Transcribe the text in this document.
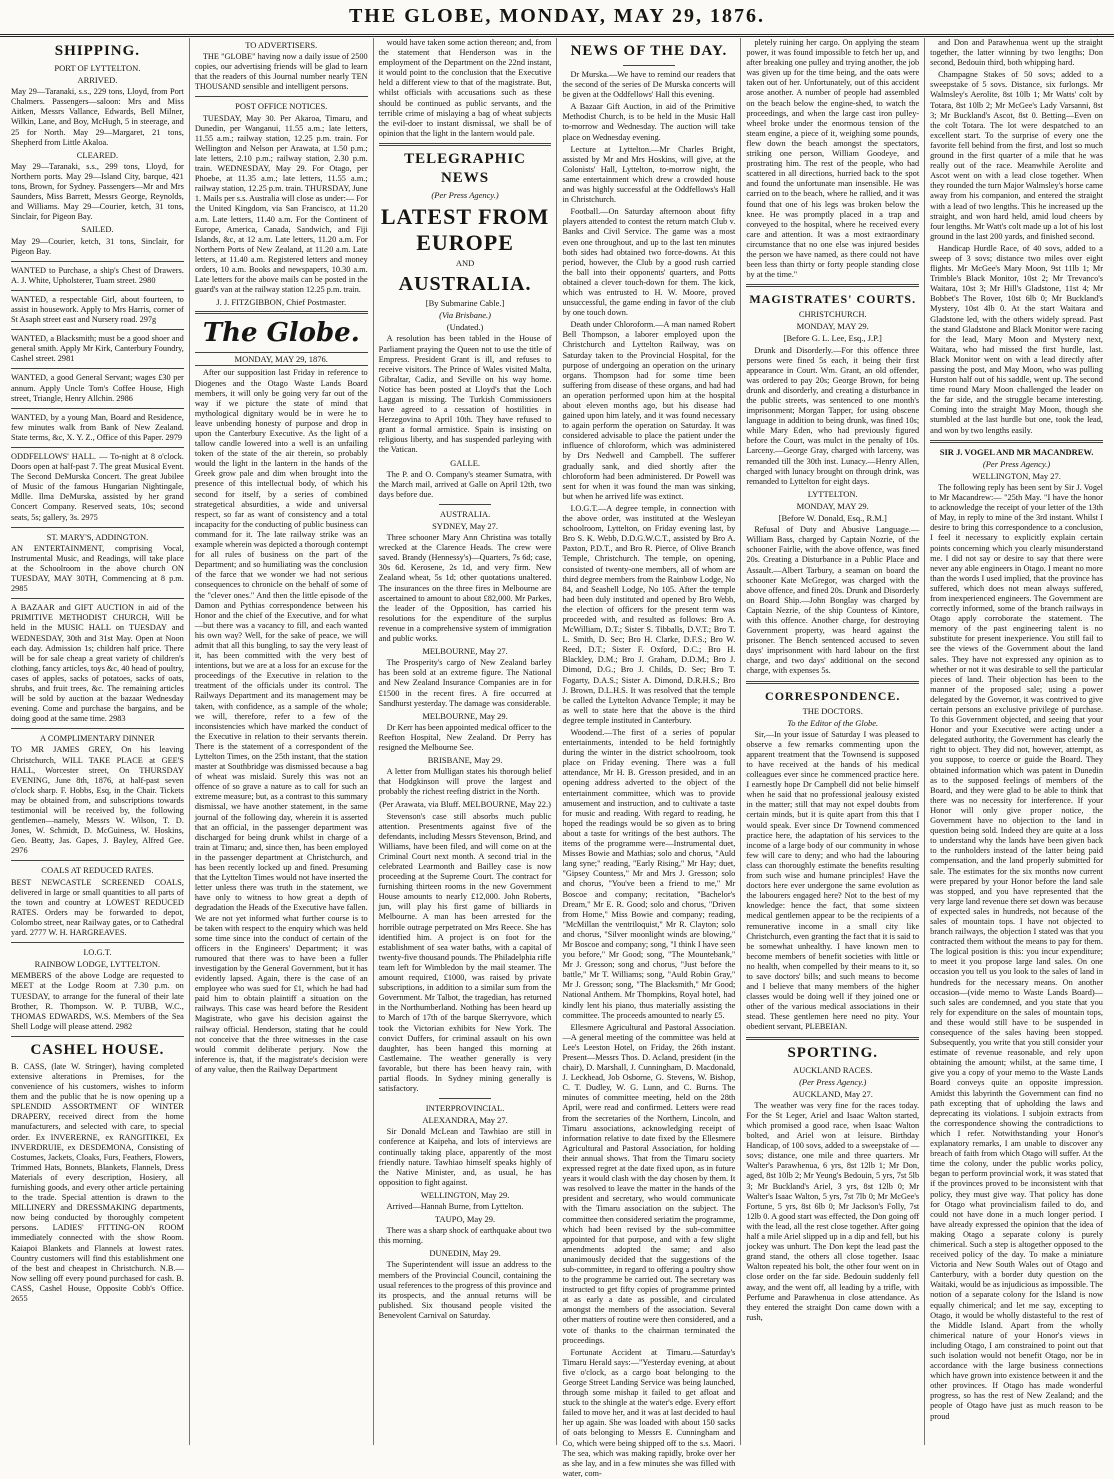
THE GLOBE, MONDAY, MAY 29, 1876.
SHIPPING.
PORT OF LYTTELTON.
ARRIVED.

May 29—Taranaki, s.s., 229 tons, Lloyd, from Port Chalmers. Passengers—saloon: Mrs and Miss Aitken, Messrs Vallance, Edwards, Bell Milner, Wilkin, Lane, and Boy, McHugh, 5 in steerage, and 25 for North. May 29—Margaret, 21 tons, Shepherd from Little Akaloa.

CLEARED.

May 29—Taranaki, s.s., 299 tons, Lloyd, for Northern ports. May 29—Island City, barque, 421 tons, Brown, for Sydney. Passengers—Mr and Mrs Saunders, Miss Barrett, Messrs George, Reynolds, and Williams. May 29—Courier, ketch, 31 tons, Sinclair, for Pigeon Bay.

SAILED.

May 29—Courier, ketch, 31 tons, Sinclair, for Pigeon Bay.

WANTED to Purchase, a ship's Chest of Drawers. A. J. White, Upholsterer, Tuam street. 2980

WANTED, a respectable Girl, about fourteen, to assist in housework. Apply to Mrs Harris, corner of St Asaph street east and Nursery road. 297g

WANTED, a Blacksmith; must be a good shoer and general smith. Apply Mr Kirk, Canterbury Foundry, Cashel street. 2981

WANTED, a good General Servant; wages £30 per annum. Apply Uncle Tom's Coffee House, High street, Triangle, Henry Allchin. 2986

WANTED, by a young Man, Board and Residence, few minutes walk from Bank of New Zealand. State terms, &c, X. Y. Z., Office of this Paper. 2979

ODDFELLOWS' HALL. — To-night at 8 o'clock. Doors open at half-past 7. The great Musical Event. The Second DeMurska Concert. The great Jubilee of Music of the famous Hungarian Nightingale, Mdlle. Ilma DeMurska, assisted by her grand Concert Company. Reserved seats, 10s; second seats, 5s; gallery, 3s. 2975

ST. MARY'S, ADDINGTON.

AN ENTERTAINMENT, comprising Vocal, Instrumental Music, and Readings, will take place at the Schoolroom in the above church ON TUESDAY, MAY 30TH, Commencing at 8 p.m. 2985

A BAZAAR and GIFT AUCTION in aid of the PRIMITIVE METHODIST CHURCH, Will be held in the MUSIC HALL on TUESDAY and WEDNESDAY, 30th and 31st May. Open at Noon each day. Admission 1s; children half price. There will be for sale cheap a great variety of children's clothing, fancy articles, toys &c, 40 head of poultry, cases of apples, sacks of potatoes, sacks of oats, shrubs, and fruit trees, &c. The remaining articles will be sold by auction at the bazaar Wednesday evening. Come and purchase the bargains, and be doing good at the same time. 2983

A COMPLIMENTARY DINNER

TO MR JAMES GREY, On his leaving Christchurch, WILL TAKE PLACE at GEE'S HALL, Worcester street, On THURSDAY EVENING, June 8th, 1876, at half-past seven o'clock sharp. F. Hobbs, Esq, in the Chair. Tickets may be obtained from, and subscriptions towards testimonial will be received by, the following gentlemen—namely, Messrs W. Wilson, T. D. Jones, W. Schmidt, D. McGuiness, W. Hoskins, Geo. Beatty, Jas. Gapes, J. Bayley, Alfred Gee. 2976

COALS AT REDUCED RATES.

BEST NEWCASTLE SCREENED COALS, delivered in large or small quantities to all parts of the town and country at LOWEST REDUCED RATES. Orders may be forwarded to depot, Colombo street, near Railway gates, or to Cathedral yard. 2777 W. H. HARGREAVES.

I.O.G.T.
RAINBOW LODGE, LYTTELTON.

MEMBERS of the above Lodge are requested to MEET at the Lodge Room at 7.30 p.m. on TUESDAY, to arrange for the funeral of their late Brother, R. Thompson. W. P. TUBB, W.C., THOMAS EDWARDS, W.S. Members of the Sea Shell Lodge will please attend. 2982

CASHEL HOUSE.

B. CASS, (late W. Stringer), having completed extensive alterations in Premises, for the convenience of his customers, wishes to inform them and the public that he is now opening up a SPLENDID ASSORTMENT OF WINTER DRAPERY, received direct from the home manufacturers, and selected with care, to special order. Ex INVERERNE, ex RANGITIKEI, Ex INVERDRUIE, ex DESDEMONA, Consisting of Costumes, Jackets, Cloaks, Furs, Feathers, Flowers, Trimmed Hats, Bonnets, Blankets, Flannels, Dress Materials of every description, Hosiery, all furnishing goods, and every other article pertaining to the trade. Special attention is drawn to the MILLINERY and DRESSMAKING departments, now being conducted by thoroughly competent persons. LADIES' FITTING-ON ROOM immediately connected with the show Room. Kaiapoi Blankets and Flannels at lowest rates. Country customers will find this establishment one of the best and cheapest in Christchurch. N.B.—Now selling off every pound purchased for cash. B. CASS, Cashel House, Opposite Cobb's Office. 2655

TO ADVERTISERS.

THE "GLOBE" having now a daily issue of 2500 copies, our advertising friends will be glad to learn that the readers of this Journal number nearly TEN THOUSAND sensible and intelligent persons.

POST OFFICE NOTICES.

TUESDAY, May 30. Per Akaroa, Timaru, and Dunedin, per Wanganui, 11.55 a.m.; late letters, 11.55 a.m.; railway station, 12.25 p.m. train. For Wellington and Nelson per Arawata, at 1.50 p.m.; late letters, 2.10 p.m.; railway station, 2.30 p.m. train. WEDNESDAY, May 29. For Otago, per Phoebe, at 11.35 a.m.; late letters, 11.55 a.m.; railway station, 12.25 p.m. train. THURSDAY, June 1. Mails per s.s. Australia will close as under:— For the United Kingdom, via San Francisco, at 11.20 a.m. Late letters, 11.40 a.m. For the Continent of Europe, America, Canada, Sandwich, and Fiji Islands, &c, at 12 a.m. Late letters, 11.20 a.m. For Northern Ports of New Zealand, at 11.20 a.m. Late letters, at 11.40 a.m. Registered letters and money orders, 10 a.m. Books and newspapers, 10.30 a.m. Late letters for the above mails can be posted in the guard's van at the railway station 12.25 p.m. train.

J. J. FITZGIBBON, Chief Postmaster.
The Globe.
MONDAY, MAY 29, 1876.

After our supposition last Friday in reference to Diogenes and the Otago Waste Lands Board members, it will only be going very far out of the way if we picture the state of mind that mythological dignitary would be in were he to leave unbending honesty of purpose and drop in upon the Canterbury Executive. As the light of a tallow candle lowered into a well is an unfailing token of the state of the air therein, so probably would the light in the lantern in the hands of the Greek grow pale and dim when brought into the presence of this intellectual body, of which his second for itself, by a series of combined strategetical absurdities, a wide and universal respect, so far as want of consistency and a total incapacity for the conducting of public business can command for it. The late railway strike was an example wherein was depicted a thorough contempt for all rules of business on the part of the Department; and so humiliating was the conclusion of the farce that we wonder we had not serious consequences to chronicle on the behalf of some of the "clever ones." And then the little episode of the Damon and Pythias correspondence between his Honor and the chief of the Executive, and for what—but there was a vacancy to fill, and each wanted his own way? Well, for the sake of peace, we will admit that all this bungling, to say the very least of it, has been committed with the very best of intentions, but we are at a loss for an excuse for the proceedings of the Executive in relation to the treatment of the officials under its control. The Railways Department and its management may be taken, with confidence, as a sample of the whole; we will, therefore, refer to a few of the inconsistencies which have marked the conduct of the Executive in relation to their servants therein. There is the statement of a correspondent of the Lyttelton Times, on the 25th instant, that the station master at Southbridge was dismissed because a bag of wheat was mislaid. Surely this was not an offence of so grave a nature as to call for such an extreme measure; but, as a contrast to this summary dismissal, we have another statement, in the same journal of the following day, wherein it is asserted that an official, in the passenger department was discharged for being drunk whilst in charge of a train at Timaru; and, since then, has been employed in the passenger department at Christchurch, and has been recently locked up and fined. Presuming that the Lyttelton Times would not have inserted the letter unless there was truth in the statement, we have only to witness to how great a depth of degradation the Heads of the Executive have fallen. We are not yet informed what further course is to be taken with respect to the enquiry which was held some time since into the conduct of certain of the officers in the Engineers' Department; it was rumoured that there was to have been a fuller investigation by the General Government, but it has evidently lapsed. Again, there is the case of an employee who was sued for £1, which he had had paid him to obtain plaintiff a situation on the railways. This case was heard before the Resident Magistrate, who gave his decision against the railway official. Henderson, stating that he could not conceive that the three witnesses in the case would commit deliberate perjury. Now the inference is, that, if the magistrate's decision were of any value, then the Railway Department

would have taken some action thereon; and, from the statement that Henderson was in the employment of the Department on the 22nd instant, it would point to the conclusion that the Executive held a different view to that of the magistrate. But, whilst officials with accusations such as these should be continued as public servants, and the terrible crime of mislaying a bag of wheat subjects the evil-doer to instant dismissal, we shall be of opinion that the light in the lantern would pale.

TELEGRAPHIC NEWS
(Per Press Agency.)
LATEST FROM EUROPE
AND
AUSTRALIA.
[By Submarine Cable.]
(Via Brisbane.)
(Undated.)

A resolution has been tabled in the House of Parliament praying the Queen not to use the title of Empress. President Grant is ill, and refuses to receive visitors. The Prince of Wales visited Malta, Gibraltar, Cadiz, and Seville on his way home. Notice has been posted at Lloyd's that the Loch Laggan is missing. The Turkish Commissioners have agreed to a cessation of hostilities in Herzegovina to April 10th. They have refused to grant a formal armistice. Spain is insisting on religious liberty, and has suspended parleying with the Vatican.

GALLE.

The P. and O. Company's steamer Sumatra, with the March mail, arrived at Galle on April 12th, two days before due.

AUSTRALIA.
SYDNEY, May 27.

Three schooner Mary Ann Christina was totally wrecked at the Clarence Heads. The crew were saved. Brandy (Hennessy's)—Quarters, 7s 6d; case, 30s 6d. Kerosene, 2s 1d, and very firm. New Zealand wheat, 5s 1d; other quotations unaltered. The insurances on the three fires in Melbourne are ascertained to amount to about £82,000. Mr Parkes, the leader of the Opposition, has carried his resolutions for the expenditure of the surplus revenue in a comprehensive system of immigration and public works.

MELBOURNE, May 27.

The Prosperity's cargo of New Zealand barley has been sold at an extreme figure. The National and New Zealand Insurance Companies are in for £1500 in the recent fires. A fire occurred at Sandhurst yesterday. The damage was considerable.

MELBOURNE, May 29.

Dr Kerr has been appointed medical officer to the Reefton Hospital, New Zealand. Dr Perry has resigned the Melbourne See.

BRISBANE, May 29.

A letter from Mulligan states his thorough belief that Hodgkinson will prove the largest and probably the richest reefing district in the North.

(Per Arawata, via Bluff. MELBOURNE, May 22.)

Stevenson's case still absorbs much public attention. Presentments against five of the defendants, including Messrs Stevenson, Brind, and Williams, have been filed, and will come on at the Criminal Court next month. A second trial in the celebrated Learmonth and Bailley case is now proceeding at the Supreme Court. The contract for furnishing thirteen rooms in the new Government House amounts to nearly £12,000. John Roberts, jun, will play his first game of billiards in Melbourne. A man has been arrested for the horrible outrage perpetrated on Mrs Reece. She has identified him. A project is on foot for the establishment of sea water baths, with a capital of twenty-five thousand pounds. The Philadelphia rifle team left for Wimbledon by the mail steamer. The amount required, £1000, was raised by private subscriptions, in addition to a similar sum from the Government. Mr Talbot, the tragedian, has returned in the Northumberland. Nothing has been heard up to March of 17th of the barque Skerryvore, which took the Victorian exhibits for New York. The convict Duffers, for criminal assault on his own daughter, has been hanged this morning at Castlemaine. The weather generally is very favorable, but there has been heavy rain, with partial floods. In Sydney mining generally is satisfactory.

INTERPROVINCIAL.
ALEXANDRA, May 27.

Sir Donald McLean and Tawhiao are still in conference at Kaipeha, and lots of interviews are continually taking place, apparently of the most friendly nature. Tawhiao himself speaks highly of the Native Minister, and, as usual, he has opposition to fight against.

WELLINGTON, May 29.

Arrived—Hannah Burne, from Lyttelton.

TAUPO, May 29.

There was a sharp shock of earthquake about two this morning.

DUNEDIN, May 29.

The Superintendent will issue an address to the members of the Provincial Council, containing the usual references to the progress of this province and its prospects, and the annual returns will be published. Six thousand people visited the Benevolent Carnival on Saturday.

NEWS OF THE DAY.

Dr Murska.—We have to remind our readers that the second of the series of De Murska concerts will be given at the Oddfellows' Hall this evening.

A Bazaar Gift Auction, in aid of the Primitive Methodist Church, is to be held in the Music Hall to-morrow and Wednesday. The auction will take place on Wednesday evening.

Lecture at Lyttelton.—Mr Charles Bright, assisted by Mr and Mrs Hoskins, will give, at the Colonists' Hall, Lyttelton, to-morrow night, the same entertainment which drew a crowded house and was highly successful at the Oddfellows's Hall in Christchurch.

Football.—On Saturday afternoon about fifty players attended to contest the return match Club v. Banks and Civil Service. The game was a most even one throughout, and up to the last ten minutes both sides had obtained two force-downs. At this period, however, the Club by a good rush carried the ball into their opponents' quarters, and Potts obtained a clever touch-down for them. The kick, which was entrusted to H. W. Moore, proved unsuccessful, the game ending in favor of the club by one touch down.

Death under Chloroform.—A man named Robert Bell Thompson, a laborer employed upon the Christchurch and Lyttelton Railway, was on Saturday taken to the Provincial Hospital, for the purpose of undergoing an operation on the urinary organs. Thompson had for some time been suffering from disease of these organs, and had had an operation performed upon him at the hospital about eleven months ago, but his disease had gained upon him lately, and it was found necessary to again perform the operation on Saturday. It was considered advisable to place the patient under the influence of chloroform, which was administered by Drs Nedwell and Campbell. The sufferer gradually sank, and died shortly after the chloroform had been administered. Dr Powell was sent for when it was found the man was sinking, but when he arrived life was extinct.

I.O.G.T.—A degree temple, in connection with the above order, was instituted at the Wesleyan schoolroom, Lyttelton, on Friday evening last, by Bro S. K. Webb, D.D.G.W.C.T., assisted by Bro A. Paxton, P.D.T., and Bro R. Pierce, of Olive Branch Temple, Christchurch. The temple, on opening, consisted of twenty-one members, all of whom are third degree members from the Rainbow Lodge, No 84, and Seashell Lodge, No 105. After the temple had been duly instituted and opened by Bro Webb, the election of officers for the present term was proceeded with, and resulted as follows: Bro A. McWilliam, D.T.; Sister S. Tibballs, D.V.T.; Bro T. L. Smith, D. Sec; Bro H. Clarke, D.F.S.; Bro W. Reed, D.T.; Sister F. Oxford, D.C.; Bro H. Blackley, D.M.; Bro J. Graham, D.D.M.; Bro J. Dimond, D.G.; Bro J. Childs, D. Sec; Bro T. Fogarty, D.A.S.; Sister A. Dimond, D.R.H.S.; Bro J. Brown, D.L.H.S. It was resolved that the temple be called the Lyttelton Advance Temple; it may be as well to state here that the above is the third degree temple instituted in Canterbury.

Woodend.—The first of a series of popular entertainments, intended to be held fortnightly during the winter in the district schoolroom, took place on Friday evening. There was a full attendance, Mr H. B. Gresson presided, and in an opening address adverted to the object of the entertainment committee, which was to provide amusement and instruction, and to cultivate a taste for music and reading. With regard to reading, he hoped the readings would be so given as to bring about a taste for writings of the best authors. The items of the programme were—Instrumental duet, Misses Bowie and Mathias; solo and chorus, "Auld lang syne;" reading, "Early Rising," Mr Hay; duet, "Gipsey Countess," Mr and Mrs J. Gresson; solo and chorus, "You've been a friend to me," Mr Boscoe and company; recitation, "Bachelor's Dream," Mr E. R. Good; solo and chorus, "Driven from Home," Miss Bowie and company; reading, "McMillan the ventriloquist," Mr R. Clayton; solo and chorus, "Silver moonlight winds are blowing," Mr Boscoe and company; song, "I think I have seen you before," Mr Good; song, "The Mountebank," Mr J. Gresson; song and chorus, "Just before the battle," Mr T. Williams; song, "Auld Robin Gray," Mr J. Gresson; song, "The Blacksmith," Mr Good; National Anthem. Mr Thompkins, Royal hotel, had kindly lent his piano, thus materially assisting the committee. The proceeds amounted to nearly £5.

Ellesmere Agricultural and Pastoral Association.—A general meeting of the committee was held at Lee's Leeston Hotel, on Friday, the 26th instant. Present—Messrs Thos. D. Acland, president (in the chair), D. Marshall, J. Cunningham, D. Macdonald, J. Leckhead, Job Osborne, G. Stevens, W. Bishop, C. T. Dudley, W. G. Lunn, and C. Burns. The minutes of committee meeting, held on the 28th April, were read and confirmed. Letters were read from the secretaries of the Northern, Lincoln, and Timaru associations, acknowledging receipt of information relative to date fixed by the Ellesmere Agricultural and Pastoral Association, for holding their annual shows. That from the Timaru society expressed regret at the date fixed upon, as in future years it would clash with the day chosen by them. It was resolved to leave the matter in the hands of the president and secretary, who would communicate with the Timaru association on the subject. The committee then considered seriatim the programme, which had been revised by the sub-committee appointed for that purpose, and with a few slight amendments adopted the same; and also unanimously decided that the suggestions of the sub-committee, in regard to offering a poultry show to the programme be carried out. The secretary was instructed to get fifty copies of programme printed at as early a date as possible, and circulated amongst the members of the association. Several other matters of routine were then considered, and a vote of thanks to the chairman terminated the proceedings.

Fortunate Accident at Timaru.—Saturday's Timaru Herald says:—"Yesterday evening, at about five o'clock, as a cargo boat belonging to the George Street Landing Service was being launched, through some mishap it failed to get afloat and stuck to the shingle at the water's edge. Every effort failed to move her, and it was at last decided to haul her up again. She was loaded with about 150 sacks of oats belonging to Messrs E. Cunningham and Co, which were being shipped off to the s.s. Maori. The sea, which was making rapidly, broke over her as she lay, and in a few minutes she was filled with water, com-

pletely ruining her cargo. On applying the steam power, it was found impossible to fetch her up, and after breaking one pulley and trying another, the job was given up for the time being, and the oats were taken out of her. Unfortunately, out of this accident arose another. A number of people had assembled on the beach below the engine-shed, to watch the proceedings, and when the large cast iron pulley-wheel broke under the enormous tension of the steam engine, a piece of it, weighing some pounds, flew down the beach amongst the spectators, striking one person, William Goodeye, and prostrating him. The rest of the people, who had scattered in all directions, hurried back to the spot and found the unfortunate man insensible. He was carried on to the beach, where he rallied, and it was found that one of his legs was broken below the knee. He was promptly placed in a trap and conveyed to the hospital, where he received every care and attention. It was a most extraordinary circumstance that no one else was injured besides the person we have named, as there could not have been less than thirty or forty people standing close by at the time."

MAGISTRATES' COURTS.
CHRISTCHURCH.
MONDAY, MAY 29.
[Before G. L. Lee, Esq., J.P.]

Drunk and Disorderly.—For this offence three persons were fined 5s each, it being their first appearance in Court. Wm. Grant, an old offender, was ordered to pay 20s; George Brown, for being drunk and disorderly, and creating a disturbance in the public streets, was sentenced to one month's imprisonment; Morgan Tapper, for using obscene language in addition to being drunk, was fined 10s; while Mary Eden, who had previously figured before the Court, was mulct in the penalty of 10s. Larceny.—George Gray, charged with larceny, was remanded till the 30th inst. Lunacy.—Henry Allen, charged with lunacy brought on through drink, was remanded to Lyttelton for eight days.

LYTTELTON.
MONDAY, MAY 29.
[Before W. Donald, Esq., R.M.]

Refusal of Duty and Abusive Language.—William Bass, charged by Captain Nozrie, of the schooner Fairlie, with the above offence, was fined 20s. Creating a Disturbance in a Public Place and Assault.—Albert Tarbury, a seaman on board the schooner Kate McGregor, was charged with the above offence, and fined 20s. Drunk and Disorderly on Board Ship.—John Bonglay was charged by Captain Nezrie, of the ship Countess of Kintore, with this offence. Another charge, for destroying Government property, was heard against the prisoner. The Bench sentenced accused to seven days' imprisonment with hard labour on the first charge, and two days' additional on the second charge, with expenses 5s.

CORRESPONDENCE.
THE DOCTORS.
To the Editor of the Globe.

Sir,—In your issue of Saturday I was pleased to observe a few remarks commenting upon the apparent treatment that the Townsend is supposed to have received at the hands of his medical colleagues ever since he commenced practice here. I earnestly hope Dr Campbell did not belie himself when he said that no professional jealousy existed in the matter; still that may not expel doubts from certain minds, but it is quite apart from this that I would speak. Ever since Dr Townend commenced practice here, the adaptation of his services to the income of a large body of our community in whose few will care to deny; and who had the labouring class can thoroughly estimate the benefits resulting from such wise and humane principles! Have the doctors here ever undergone the same evolution as the labourers engaged here? Not to the best of my knowledge: hence the fact, that some sixteen medical gentlemen appear to be the recipients of a remunerative income in a small city like Christchurch, even granting the fact that it is said to be somewhat unhealthy. I have known men to become members of benefit societies with little or no health, when compelled by their means to it, so to save doctors' bills; and such means to become and I believe that many members of the higher classes would be doing well if they joined one or other of the various medical associations in their stead. These gentlemen here need no pity. Your obedient servant, PLEBEIAN.

SPORTING.
AUCKLAND RACES.
(Per Press Agency.)
AUCKLAND, May 27.

The weather was very fine for the races today. For the St Leger, Ariel and Isaac Walton started, which promised a good race, when Isaac Walton bolted, and Ariel won at leisure. Birthday Handicap, of 100 sovs, added to a sweepstake of — sovs; distance, one mile and three quarters. Mr Walter's Parawhenua, 6 yrs, 8st 12lb 1; Mr Don, aged, 8st 10lb 2; Mr Yeung's Bedouin, 5 yrs, 7st 5lb 3; Mr Buckland's Ariel, 3 yrs, 8st 12lb 0; Mr Walter's Isaac Walton, 5 yrs, 7st 7lb 0; Mr McGee's Fortune, 5 yrs, 8st 6lb 0; Mr Jackson's Folly, 7st 12lb 0. A good start was effected, the Don going off with the lead, all the rest close together. After going half a mile Ariel slipped up in a dip and fell, but his jockey was unhurt. The Don kept the lead past the grand stand, the others all close together. Isaac Walton repeated his bolt, the other four went on in close order on the far side. Bedouin suddenly fell away, and the went off, all leading by a trifle, with Perfume and Parawhenua in close attendance. As they entered the straight Don came down with a rush,

and Don and Parawhenua went up the straight together, the latter winning by two lengths; Don second, Bedouin third, both whipping hard.

Champagne Stakes of 50 sovs; added to a sweepstake of 5 sovs. Distance, six furlongs. Mr Walmsley's Aerolite, 8st 10lb 1; Mr Watts' colt by Totara, 8st 10lb 2; Mr McGee's Lady Varsanni, 8st 3; Mr Buckland's Ascot, 8st 0. Betting—Even on the colt Totara. The lot were despatched to an excellent start. To the surprise of every one the favorite fell behind from the first, and lost so much ground in the first quarter of a mile that he was really out of the race. Meanwhile Aerolite and Ascot went on with a lead close together. When they rounded the turn Major Walmsley's horse came away from his companion, and entered the straight with a lead of two lengths. This he increased up the straight, and won hard held, amid loud cheers by four lengths. Mr Watt's colt made up a lot of his lost ground in the last 200 yards, and finished second.

Handicap Hurdle Race, of 40 sovs, added to a sweep of 3 sovs; distance two miles over eight flights. Mr McGee's Mary Moon, 9st 11lb 1; Mr Trimble's Black Monitor, 10st 2; Mr Trevanco's Waitara, 10st 3; Mr Hill's Gladstone, 11st 4; Mr Bobbet's The Rover, 10st 6lb 0; Mr Buckland's Mystery, 10st 4lb 0. At the start Waitara and Gladstone led, with the others widely spread. Past the stand Gladstone and Black Monitor were racing for the lead, Mary Moon and Mystery next, Waitara, who had missed the first hurdle, last. Black Monitor went on with a lead directly after passing the post, and May Moon, who was pulling Hurston half out of his saddle, went up. The second time round Mary Moon challenged the leader on the far side, and the struggle became interesting. Coming into the straight May Moon, though she stumbled at the last hurdle but one, took the lead, and won by two lengths easily.

SIR J. VOGEL AND MR MACANDREW.
(Per Press Agency.)
WELLINGTON, May 27.

The following reply has been sent by Sir J. Vogel to Mr Macandrew:— "25th May. "I have the honor to acknowledge the receipt of your letter of the 13th of May, in reply to mine of the 3rd instant. Whilst I desire to bring this correspondence to a conclusion, I feel it necessary to explicitly explain certain points concerning which you clearly misunderstand me. I did not say or desire to say that there were never any able engineers in Otago. I meant no more than the words I used implied, that the province has suffered, which does not mean always suffered, from inexperienced engineers. The Government are correctly informed, some of the branch railways in Otago apply corroborate the statement. The memory of the past engineering talent is no substitute for present inexperience. You still fail to see the views of the Government about the land sales. They have not expressed any opinion as to whether or not it was desirable to sell the particular pieces of land. Their objection has been to the manner of the proposed sale; using a power delegated by the Governor, it was contrived to give certain persons an exclusive privilege of purchase. To this Government objected, and seeing that your Honor and your Executive were acting under a delegated authority, the Government has clearly the right to object. They did not, however, attempt, as you suppose, to coerce or guide the Board. They obtained information which was patent in Dunedin as to the supposed feelings of members of the Board, and they were glad to be able to think that there was no necessity for interference. If your Honor will only give proper notice, the Government have no objection to the land in question being sold. Indeed they are quite at a loss to understand why the lands have been given back to the runholders instead of the latter being paid compensation, and the land properly submitted for sale. The estimates for the six months now current were prepared by your Honor before the land sale was stopped, and you have represented that the very large land revenue there set down was because of expected sales in hundreds, not because of the sales of mountain tops. I have not objected to branch railways, the objection I stated was that you contracted them without the means to pay for them. The logical position is this: you incur expenditure; to meet it you propose large land sales. On one occasion you tell us you look to the sales of land in hundreds for the necessary means. On another occasion—(vide memo to Waste Lands Board)—such sales are condemned, and you state that you rely for expenditure on the sales of mountain tops, and these would still have to be suspended in consequence of the sales having been stopped. Subsequently, you write that you still consider your estimate of revenue reasonable, and rely upon obtaining the amount; whilst, at the same time, I give you a copy of your memo to the Waste Lands Board conveys quite an opposite impression. Amidst this labyrinth the Government can find no path excepting that of upholding the laws and deprecating its violations. I subjoin extracts from the correspondence showing the contradictions to which I refer. Notwithstanding your Honor's explanatory remarks, I am unable to discover any breach of faith from which Otago will suffer. At the time the colony, under the public works policy, began to perform provincial work, it was stated that if the provinces proved to be inconsistent with that policy, they must give way. That policy has done for Otago what provincialism failed to do, and could not have done in a much longer period. I have already expressed the opinion that the idea of making Otago a separate colony is purely chimerical. Such a step is altogether opposed to the received policy of the day. To make a miniature Victoria and New South Wales out of Otago and Canterbury, with a border duty question on the Waitaki, would be as injudicious as impossible. The notion of a separate colony for the Island is now equally chimerical; and let me say, excepting to Otago, it would be wholly distasteful to the rest of the Middle Island. Apart from the wholly chimerical nature of your Honor's views in including Otago, I am constrained to point out that such isolation would not benefit Otago, nor be in accordance with the large business connections which have grown into existence between it and the other provinces. If Otago has made wonderful progress, so has the rest of New Zealand; and the people of Otago have just as much reason to be proud
